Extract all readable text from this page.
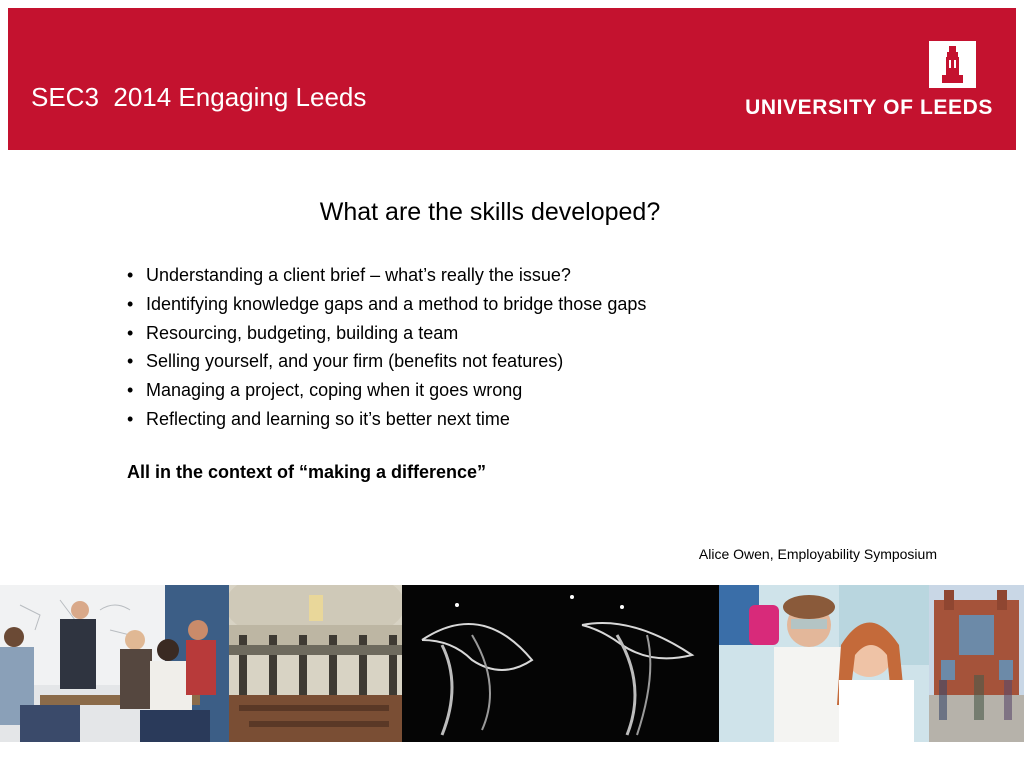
SEC3  2014 Engaging Leeds	UNIVERSITY OF LEEDS
What are the skills developed?
• Understanding a client brief – what’s really the issue?
• Identifying knowledge gaps and a method to bridge those gaps
• Resourcing, budgeting, building a team
• Selling yourself, and your firm (benefits not features)
• Managing a project, coping when it goes wrong
• Reflecting and learning so it’s better next time
All in the context of “making a difference”
Alice Owen, Employability Symposium
